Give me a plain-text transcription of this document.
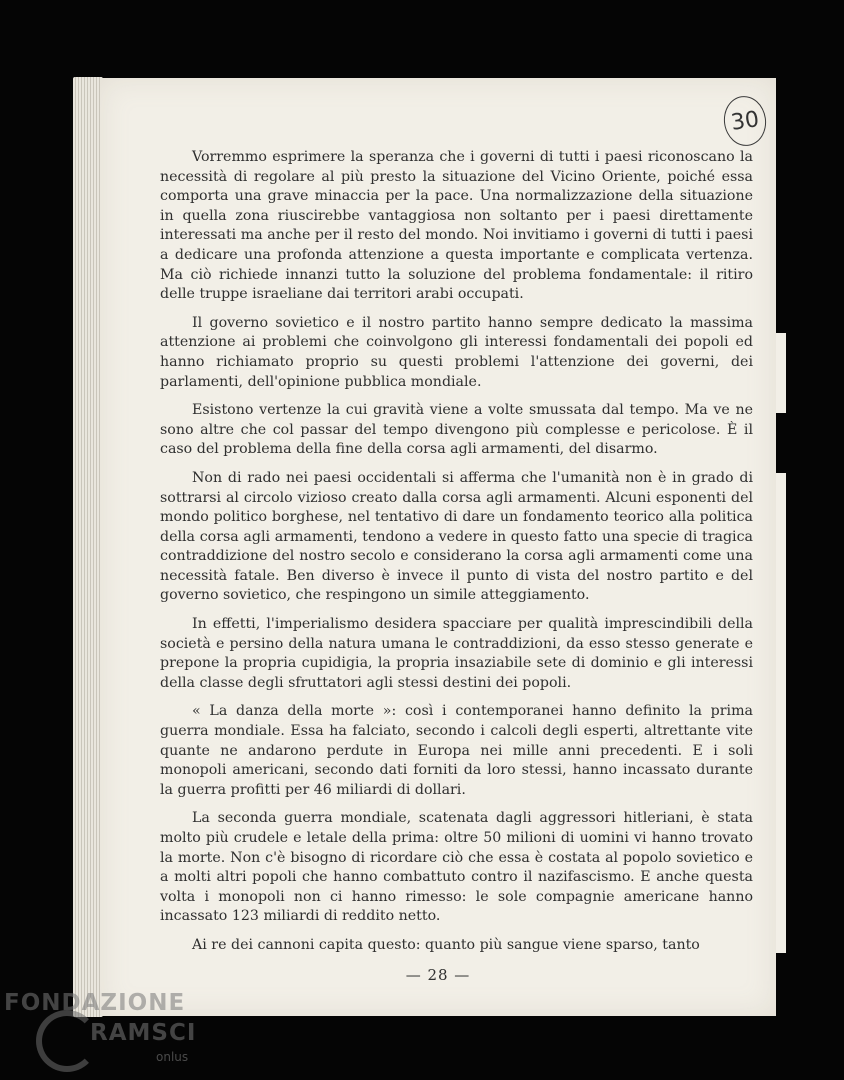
30

Vorremmo esprimere la speranza che i governi di tutti i paesi riconoscano la necessità di regolare al più presto la situazione del Vicino Oriente, poiché essa comporta una grave minaccia per la pace. Una normalizzazione della situazione in quella zona riuscirebbe vantaggiosa non soltanto per i paesi direttamente interessati ma anche per il resto del mondo. Noi invitiamo i governi di tutti i paesi a dedicare una profonda attenzione a questa importante e complicata vertenza. Ma ciò richiede innanzi tutto la soluzione del problema fondamentale: il ritiro delle truppe israeliane dai territori arabi occupati.

Il governo sovietico e il nostro partito hanno sempre dedicato la massima attenzione ai problemi che coinvolgono gli interessi fondamentali dei popoli ed hanno richiamato proprio su questi problemi l'attenzione dei governi, dei parlamenti, dell'opinione pubblica mondiale.

Esistono vertenze la cui gravità viene a volte smussata dal tempo. Ma ve ne sono altre che col passar del tempo divengono più complesse e pericolose. È il caso del problema della fine della corsa agli armamenti, del disarmo.

Non di rado nei paesi occidentali si afferma che l'umanità non è in grado di sottrarsi al circolo vizioso creato dalla corsa agli armamenti. Alcuni esponenti del mondo politico borghese, nel tentativo di dare un fondamento teorico alla politica della corsa agli armamenti, tendono a vedere in questo fatto una specie di tragica contraddizione del nostro secolo e considerano la corsa agli armamenti come una necessità fatale. Ben diverso è invece il punto di vista del nostro partito e del governo sovietico, che respingono un simile atteggiamento.

In effetti, l'imperialismo desidera spacciare per qualità imprescindibili della società e persino della natura umana le contraddizioni, da esso stesso generate e prepone la propria cupidigia, la propria insaziabile sete di dominio e gli interessi della classe degli sfruttatori agli stessi destini dei popoli.

« La danza della morte »: così i contemporanei hanno definito la prima guerra mondiale. Essa ha falciato, secondo i calcoli degli esperti, altrettante vite quante ne andarono perdute in Europa nei mille anni precedenti. E i soli monopoli americani, secondo dati forniti da loro stessi, hanno incassato durante la guerra profitti per 46 miliardi di dollari.

La seconda guerra mondiale, scatenata dagli aggressori hitleriani, è stata molto più crudele e letale della prima: oltre 50 milioni di uomini vi hanno trovato la morte. Non c'è bisogno di ricordare ciò che essa è costata al popolo sovietico e a molti altri popoli che hanno combattuto contro il nazifascismo. E anche questa volta i monopoli non ci hanno rimesso: le sole compagnie americane hanno incassato 123 miliardi di reddito netto.

Ai re dei cannoni capita questo: quanto più sangue viene sparso, tanto

— 28 —
FONDAZIONE
RAMSCI
onlus
